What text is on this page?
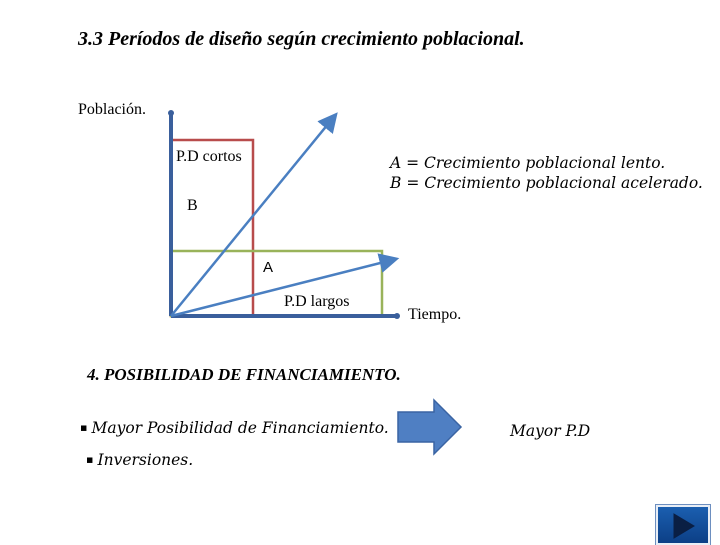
3.3 Períodos de diseño según crecimiento poblacional.
Población.
P.D cortos	A = Crecimiento poblacional lento.
B = Crecimiento poblacional acelerado.
B
A
P.D largos
Tiempo.
4. POSIBILIDAD DE FINANCIAMIENTO.
▪ Mayor Posibilidad de Financiamiento.
▪ Inversiones.
Mayor P.D
